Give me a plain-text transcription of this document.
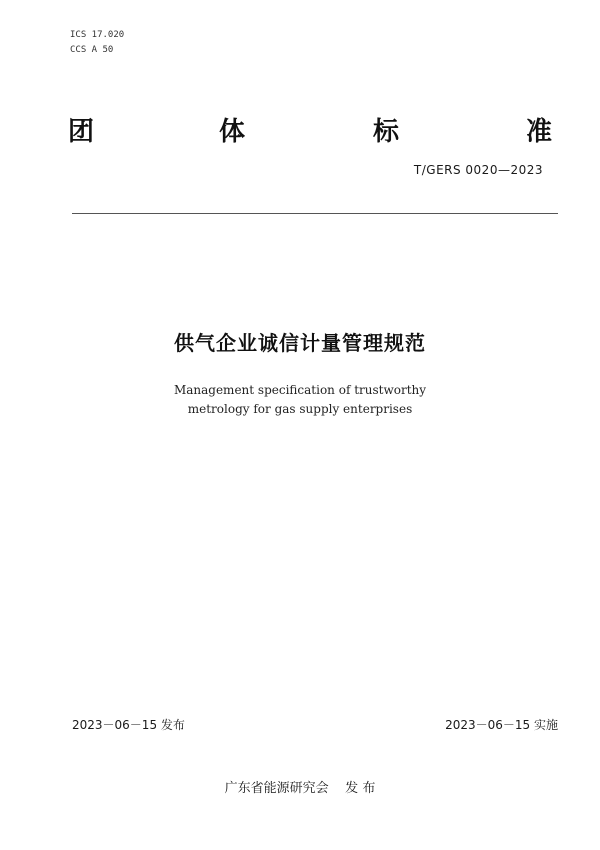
ICS 17.020
CCS A 50
团	体	标	准
T/GERS 0020—2023
供气企业诚信计量管理规范
Management specification of trustworthy metrology for gas supply enterprises
2023－06－15 发布	2023－06－15 实施
广东省能源研究会    发 布
